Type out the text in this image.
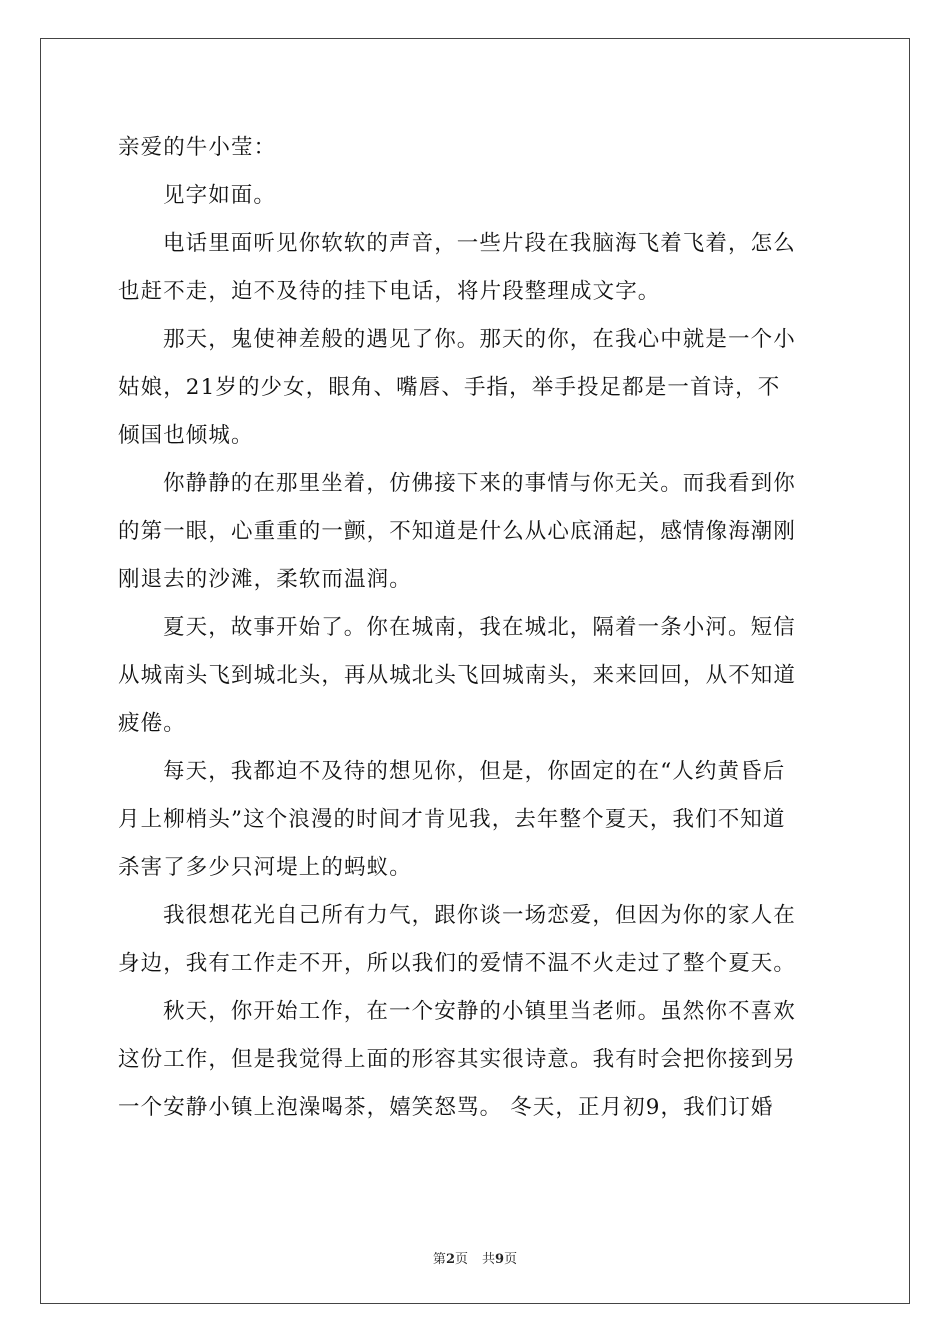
亲爱的牛小莹：
见字如面。
电话里面听见你软软的声音，一些片段在我脑海飞着飞着，怎么
也赶不走，迫不及待的挂下电话，将片段整理成文字。
那天，鬼使神差般的遇见了你。那天的你，在我心中就是一个小
姑娘，21岁的少女，眼角、嘴唇、手指，举手投足都是一首诗，不
倾国也倾城。
你静静的在那里坐着，仿佛接下来的事情与你无关。而我看到你
的第一眼，心重重的一颤，不知道是什么从心底涌起，感情像海潮刚
刚退去的沙滩，柔软而温润。
夏天，故事开始了。你在城南，我在城北，隔着一条小河。短信
从城南头飞到城北头，再从城北头飞回城南头，来来回回，从不知道
疲倦。
每天，我都迫不及待的想见你，但是，你固定的在“人约黄昏后
月上柳梢头”这个浪漫的时间才肯见我，去年整个夏天，我们不知道
杀害了多少只河堤上的蚂蚁。
我很想花光自己所有力气，跟你谈一场恋爱，但因为你的家人在
身边，我有工作走不开，所以我们的爱情不温不火走过了整个夏天。
秋天，你开始工作，在一个安静的小镇里当老师。虽然你不喜欢
这份工作，但是我觉得上面的形容其实很诗意。我有时会把你接到另
一个安静小镇上泡澡喝茶，嬉笑怒骂。 冬天，正月初9，我们订婚
第2页 共9页
